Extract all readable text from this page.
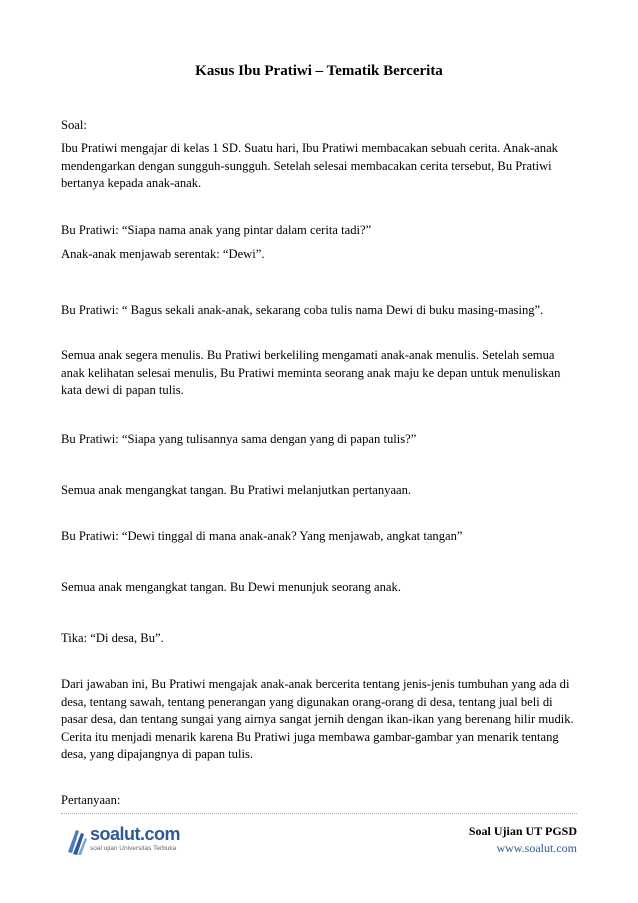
Kasus Ibu Pratiwi – Tematik Bercerita

Soal:

Ibu Pratiwi mengajar di kelas 1 SD. Suatu hari, Ibu Pratiwi membacakan sebuah cerita. Anak-anak mendengarkan dengan sungguh-sungguh. Setelah selesai membacakan cerita tersebut, Bu Pratiwi bertanya kepada anak-anak.

Bu Pratiwi: “Siapa nama anak yang pintar dalam cerita tadi?”

Anak-anak menjawab serentak: “Dewi”.

Bu Pratiwi: “ Bagus sekali anak-anak, sekarang coba tulis nama Dewi di buku masing-masing”.

Semua anak segera menulis. Bu Pratiwi berkeliling mengamati anak-anak menulis. Setelah semua anak kelihatan selesai menulis, Bu Pratiwi meminta seorang anak maju ke depan untuk menuliskan kata dewi di papan tulis.

Bu Pratiwi: “Siapa yang tulisannya sama dengan yang di papan tulis?”

Semua anak mengangkat tangan. Bu Pratiwi melanjutkan pertanyaan.

Bu Pratiwi: “Dewi tinggal di mana anak-anak? Yang menjawab, angkat tangan”

Semua anak mengangkat tangan. Bu Dewi menunjuk seorang anak.

Tika: “Di desa, Bu”.

Dari jawaban ini, Bu Pratiwi mengajak anak-anak bercerita tentang jenis-jenis tumbuhan yang ada di desa, tentang sawah, tentang penerangan yang digunakan orang-orang di desa, tentang jual beli di pasar desa, dan tentang sungai yang airnya sangat jernih dengan ikan-ikan yang berenang hilir mudik. Cerita itu menjadi menarik karena Bu Pratiwi juga membawa gambar-gambar yan menarik tentang desa, yang dipajangnya di papan tulis.

Pertanyaan:

soalut.com
soal ujian Universitas Terbuka
Soal Ujian UT PGSD
www.soalut.com
